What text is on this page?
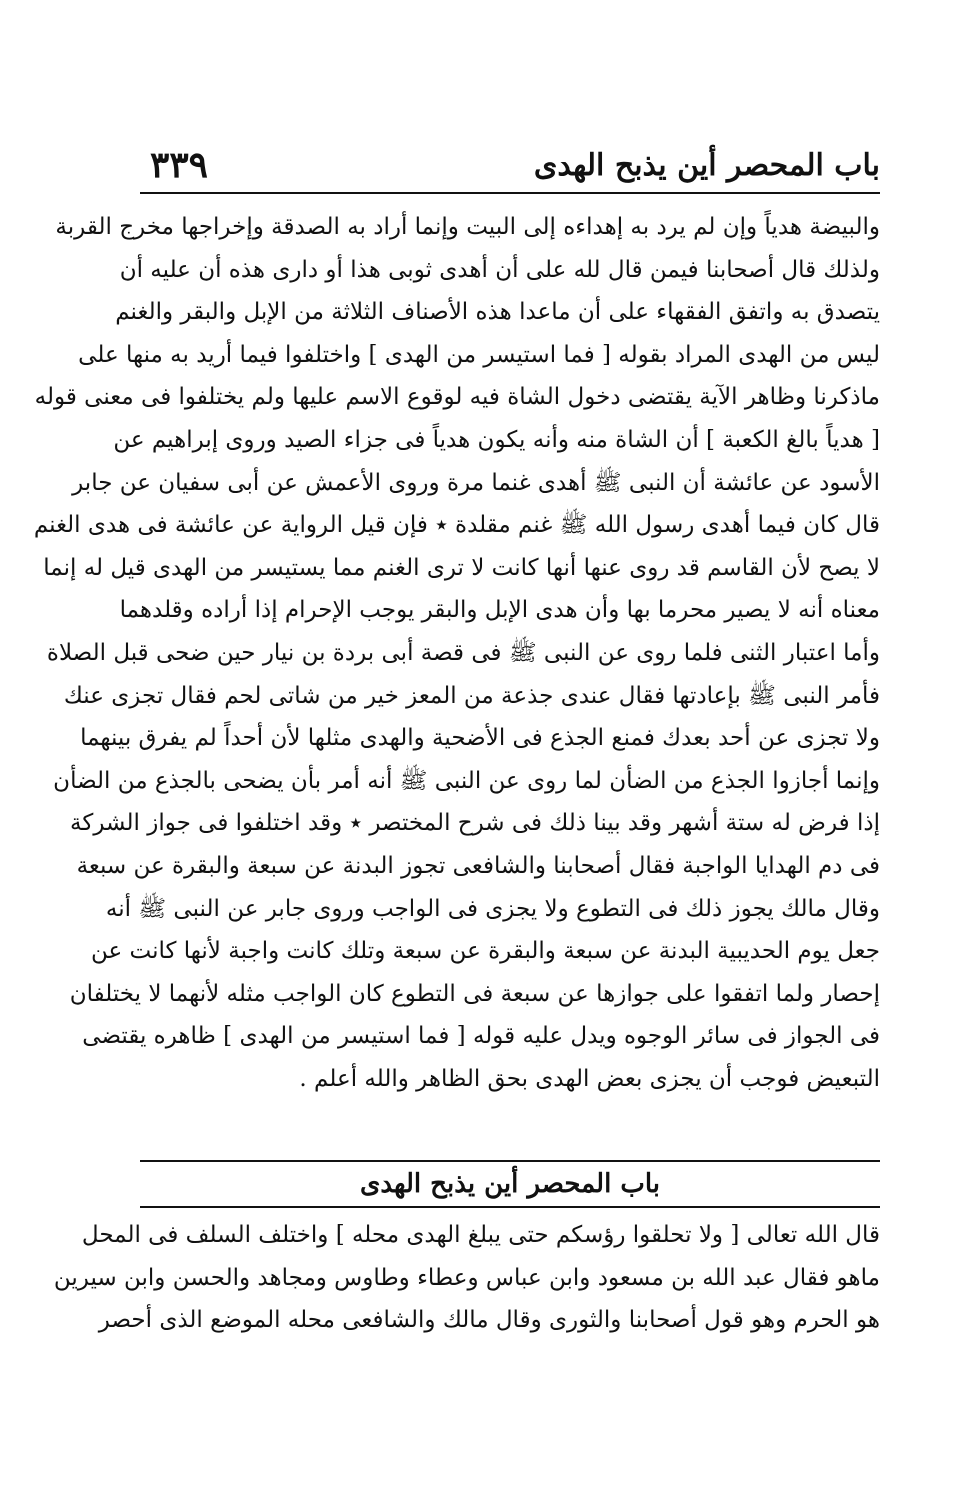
باب المحصر أين يذبح الهدى
٣٣٩
والبيضة هدياً وإن لم يرد به إهداءه إلى البيت وإنما أراد به الصدقة وإخراجها مخرج القربة
ولذلك قال أصحابنا فيمن قال لله على أن أهدى ثوبى هذا أو دارى هذه أن عليه أن
يتصدق به واتفق الفقهاء على أن ماعدا هذه الأصناف الثلاثة من الإبل والبقر والغنم
ليس من الهدى المراد بقوله [ فما استيسر من الهدى ] واختلفوا فيما أريد به منها على
ماذكرنا وظاهر الآية يقتضى دخول الشاة فيه لوقوع الاسم عليها ولم يختلفوا فى معنى قوله
[ هدياً بالغ الكعبة ] أن الشاة منه وأنه يكون هدياً فى جزاء الصيد وروى إبراهيم عن
الأسود عن عائشة أن النبى ﷺ أهدى غنما مرة وروى الأعمش عن أبى سفيان عن جابر
قال كان فيما أهدى رسول الله ﷺ غنم مقلدة ٭ فإن قيل الرواية عن عائشة فى هدى الغنم
لا يصح لأن القاسم قد روى عنها أنها كانت لا ترى الغنم مما يستيسر من الهدى قيل له إنما
معناه أنه لا يصير محرما بها وأن هدى الإبل والبقر يوجب الإحرام إذا أراده وقلدهما
وأما اعتبار الثنى فلما روى عن النبى ﷺ فى قصة أبى بردة بن نيار حين ضحى قبل الصلاة
فأمر النبى ﷺ بإعادتها فقال عندى جذعة من المعز خير من شاتى لحم فقال تجزى عنك
ولا تجزى عن أحد بعدك فمنع الجذع فى الأضحية والهدى مثلها لأن أحداً لم يفرق بينهما
وإنما أجازوا الجذع من الضأن لما روى عن النبى ﷺ أنه أمر بأن يضحى بالجذع من الضأن
إذا فرض له ستة أشهر وقد بينا ذلك فى شرح المختصر ٭ وقد اختلفوا فى جواز الشركة
فى دم الهدايا الواجبة فقال أصحابنا والشافعى تجوز البدنة عن سبعة والبقرة عن سبعة
وقال مالك يجوز ذلك فى التطوع ولا يجزى فى الواجب وروى جابر عن النبى ﷺ أنه
جعل يوم الحديبية البدنة عن سبعة والبقرة عن سبعة وتلك كانت واجبة لأنها كانت عن
إحصار ولما اتفقوا على جوازها عن سبعة فى التطوع كان الواجب مثله لأنهما لا يختلفان
فى الجواز فى سائر الوجوه ويدل عليه قوله [ فما استيسر من الهدى ] ظاهره يقتضى
التبعيض فوجب أن يجزى بعض الهدى بحق الظاهر والله أعلم .
باب المحصر أين يذبح الهدى
قال الله تعالى [ ولا تحلقوا رؤسكم حتى يبلغ الهدى محله ] واختلف السلف فى المحل
ماهو فقال عبد الله بن مسعود وابن عباس وعطاء وطاوس ومجاهد والحسن وابن سيرين
هو الحرم وهو قول أصحابنا والثورى وقال مالك والشافعى محله الموضع الذى أحصر
